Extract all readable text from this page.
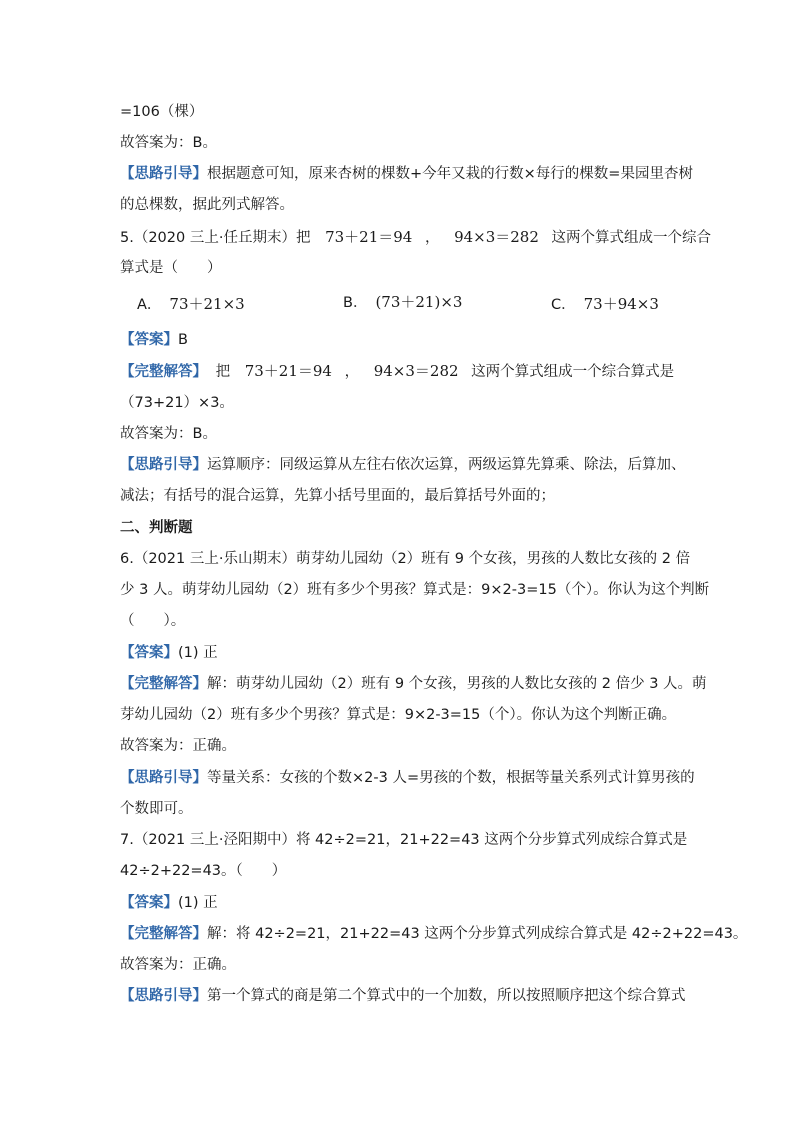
=106（棵）
故答案为：B。
【思路引导】根据题意可知，原来杏树的棵数+今年又栽的行数×每行的棵数=果园里杏树
的总棵数，据此列式解答。
5.（2020 三上·任丘期末）把 73＋21＝94 ， 94×3＝282 这两个算式组成一个综合
算式是（　　）
A． 73＋21×3	B． (73＋21)×3	C． 73＋94×3
【答案】B
【完整解答】 把 73＋21＝94 ， 94×3＝282 这两个算式组成一个综合算式是
（73+21）×3。
故答案为：B。
【思路引导】运算顺序：同级运算从左往右依次运算，两级运算先算乘、除法，后算加、
减法；有括号的混合运算，先算小括号里面的，最后算括号外面的；
二、判断题
6.（2021 三上·乐山期末）萌芽幼儿园幼（2）班有 9 个女孩，男孩的人数比女孩的 2 倍
少 3 人。萌芽幼儿园幼（2）班有多少个男孩？算式是：9×2-3=15（个）。你认为这个判断
（　　）。
【答案】(1) 正
【完整解答】解：萌芽幼儿园幼（2）班有 9 个女孩，男孩的人数比女孩的 2 倍少 3 人。萌
芽幼儿园幼（2）班有多少个男孩？算式是：9×2-3=15（个）。你认为这个判断正确。
故答案为：正确。
【思路引导】等量关系：女孩的个数×2-3 人=男孩的个数，根据等量关系列式计算男孩的
个数即可。
7.（2021 三上·泾阳期中）将 42÷2=21，21+22=43 这两个分步算式列成综合算式是
42÷2+22=43。（　　）
【答案】(1) 正
【完整解答】解：将 42÷2=21，21+22=43 这两个分步算式列成综合算式是 42÷2+22=43。
故答案为：正确。
【思路引导】第一个算式的商是第二个算式中的一个加数，所以按照顺序把这个综合算式
